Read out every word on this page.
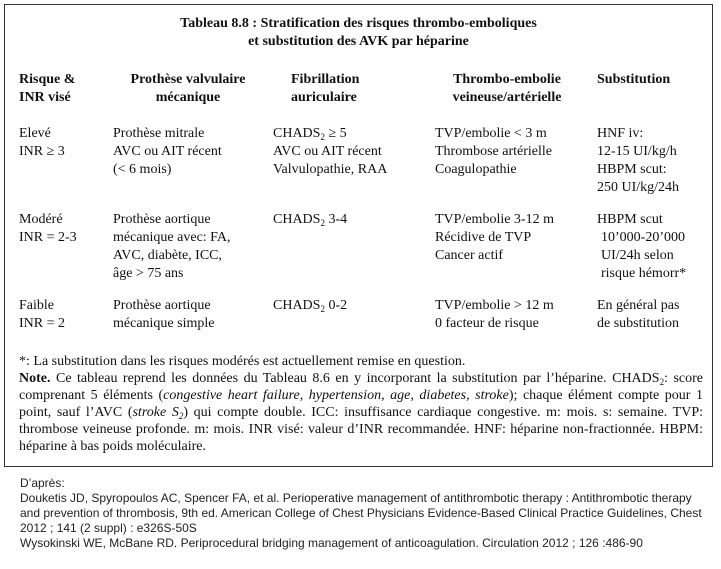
Tableau 8.8 : Stratification des risques thrombo-emboliques
et substitution des AVK par héparine
Risque &
INR visé
Prothèse valvulaire
mécanique
Fibrillation
auriculaire
Thrombo-embolie
veineuse/artérielle
Substitution
Elevé
INR ≥ 3
Prothèse mitrale
AVC ou AIT récent
(< 6 mois)
$CHADS_2 \ge 5$
AVC ou AIT récent
Valvulopathie, RAA
TVP/embolie < 3 m
Thrombose artérielle
Coagulopathie
HNF iv:
12-15 UI/kg/h
HBPM scut:
250 UI/kg/24h
Modéré
INR = 2-3
Prothèse aortique
mécanique avec: FA,
AVC, diabète, ICC,
âge > 75 ans
$CHADS_2$ 3-4	TVP/embolie 3-12 m
Récidive de TVP
Cancer actif
HBPM scut
10’000-20’000
UI/24h selon
risque hémorr*
Faible
INR = 2
Prothèse aortique
mécanique simple
$CHADS_2$ 0-2	TVP/embolie > 12 m
0 facteur de risque
En général pas
de substitution

*: La substitution dans les risques modérés est actuellement remise en question.

Note. Ce tableau reprend les données du Tableau 8.6 en y incorporant la substitution par l’héparine. $CHADS_2$: score comprenant 5 éléments (congestive heart failure, hypertension, age, diabetes, stroke); chaque élément compte pour 1 point, sauf l’AVC (stroke $S_2$) qui compte double. ICC: insuffisance cardiaque congestive. m: mois. s: semaine. TVP: thrombose veineuse profonde. m: mois. INR visé: valeur d’INR recommandée. HNF: héparine non-fractionnée. HBPM: héparine à bas poids moléculaire.

D’après:

Douketis JD, Spyropoulos AC, Spencer FA, et al. Perioperative management of antithrombotic therapy : Antithrombotic therapy and prevention of thrombosis, 9th ed. American College of Chest Physicians Evidence-Based Clinical Practice Guidelines, Chest 2012 ; 141 (2 suppl) : e326S-50S

Wysokinski WE, McBane RD. Periprocedural bridging management of anticoagulation. Circulation 2012 ; 126 :486-90
